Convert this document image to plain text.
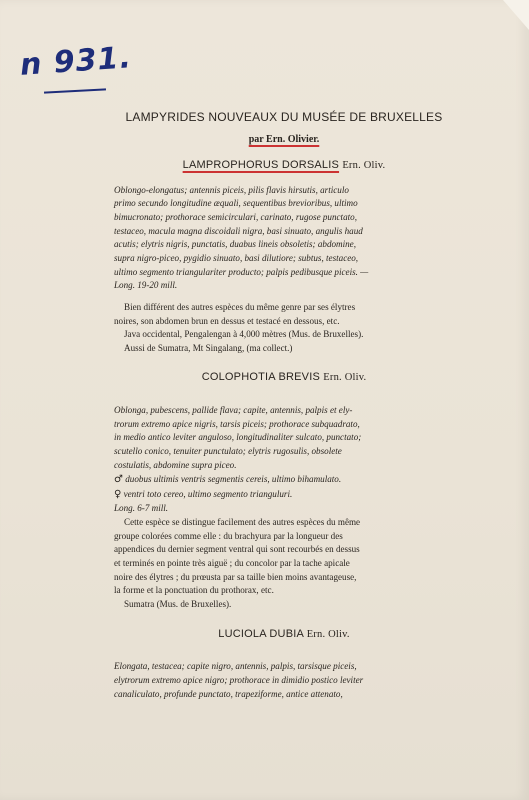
n 931.
LAMPYRIDES NOUVEAUX DU MUSÉE DE BRUXELLES
par Ern. Olivier.
LAMPROPHORUS DORSALIS Ern. Oliv.

Oblongo-elongatus; antennis piceis, pilis flavis hirsutis, articulo
primo secundo longitudine æquali, sequentibus brevioribus, ultimo
bimucronato; prothorace semicirculari, carinato, rugose punctato,
testaceo, macula magna discoidali nigra, basi sinuato, angulis haud
acutis; elytris nigris, punctatis, duabus lineis obsoletis; abdomine,
supra nigro-piceo, pygidio sinuato, basi dilutiore; subtus, testaceo,
ultimo segmento triangulariter producto; palpis pedibusque piceis. —
Long. 19-20 mill.

Bien différent des autres espèces du même genre par ses élytres
noires, son abdomen brun en dessus et testacé en dessous, etc.
Java occidental, Pengalengan à 4,000 mètres (Mus. de Bruxelles).
Aussi de Sumatra, Mt Singalang, (ma collect.)

COLOPHOTIA BREVIS Ern. Oliv.

Oblonga, pubescens, pallide flava; capite, antennis, palpis et ely-
trorum extremo apice nigris, tarsis piceis; prothorace subquadrato,
in medio antico leviter anguloso, longitudinaliter sulcato, punctato;
scutello conico, tenuiter punctulato; elytris rugosulis, obsolete
costulatis, abdomine supra piceo.

♂ duobus ultimis ventris segmentis cereis, ultimo bihamulato.

♀ ventri toto cereo, ultimo segmento trianguluri.

Long. 6-7 mill.

Cette espèce se distingue facilement des autres espèces du même
groupe colorées comme elle : du brachyura par la longueur des
appendices du dernier segment ventral qui sont recourbés en dessus
et terminés en pointe très aiguë ; du concolor par la tache apicale
noire des élytres ; du prœusta par sa taille bien moins avantageuse,
la forme et la ponctuation du prothorax, etc.
Sumatra (Mus. de Bruxelles).

LUCIOLA DUBIA Ern. Oliv.

Elongata, testacea; capite nigro, antennis, palpis, tarsisque piceis,
elytrorum extremo apice nigro; prothorace in dimidio postico leviter
canaliculato, profunde punctato, trapeziforme, antice attenato,
